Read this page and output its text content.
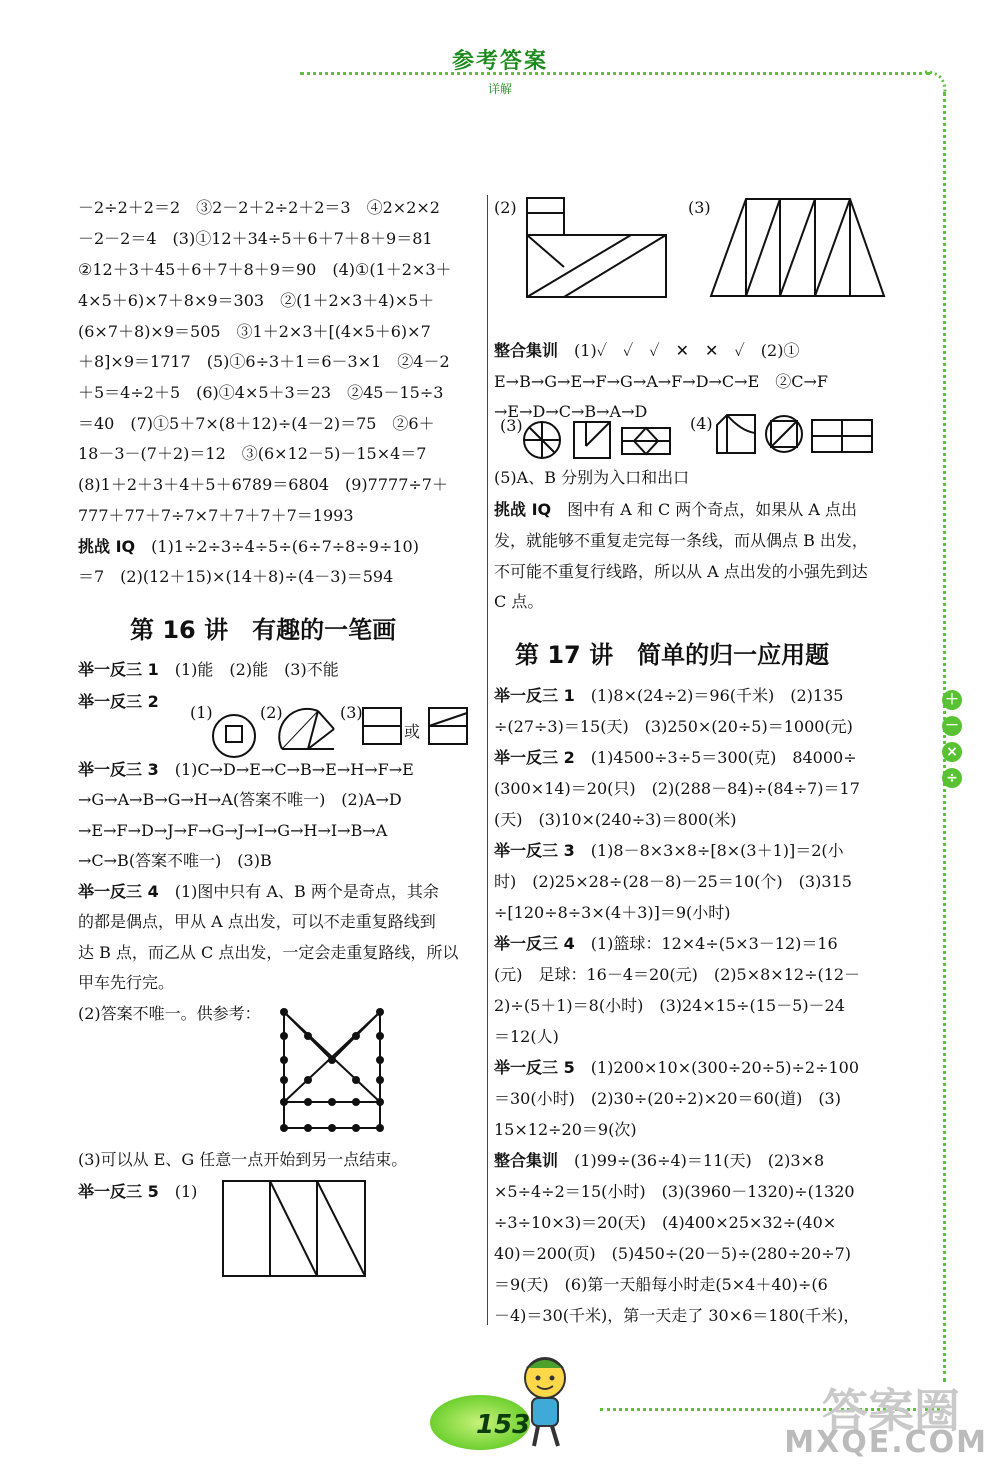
参考答案
详解
－2÷2＋2＝2　③2－2＋2÷2＋2＝3　④2×2×2
－2－2＝4　(3)①12＋34÷5＋6＋7＋8＋9＝81
②12＋3＋45＋6＋7＋8＋9＝90　(4)①(1＋2×3＋
4×5＋6)×7＋8×9＝303　②(1＋2×3＋4)×5＋
(6×7＋8)×9＝505　③1＋2×3＋[(4×5＋6)×7
＋8]×9＝1717　(5)①6÷3＋1＝6－3×1　②4－2
＋5＝4÷2＋5　(6)①4×5＋3＝23　②45－15÷3
＝40　(7)①5＋7×(8＋12)÷(4－2)＝75　②6＋
18－3－(7＋2)＝12　③(6×12－5)－15×4＝7
(8)1＋2＋3＋4＋5＋6789＝6804　(9)7777÷7＋
777＋77＋7÷7×7＋7＋7＋7＝1993
挑战 IQ　 (1)1÷2÷3÷4÷5÷(6÷7÷8÷9÷10)
＝7　(2)(12＋15)×(14＋8)÷(4－3)＝594
第 16 讲　有趣的一笔画
举一反三 1　 (1)能　(2)能　(3)不能
举一反三 2
(1)	(2)	(3)
或
举一反三 3　 (1)C→D→E→C→B→E→H→F→E
→G→A→B→G→H→A(答案不唯一)　(2)A→D
→E→F→D→J→F→G→J→I→G→H→I→B→A
→C→B(答案不唯一)　(3)B
举一反三 4　 (1)图中只有 A、B 两个是奇点，其余
的都是偶点，甲从 A 点出发，可以不走重复路线到
达 B 点，而乙从 C 点出发，一定会走重复路线，所以
甲车先行完。
(2)答案不唯一。供参考：
(3)可以从 E、G 任意一点开始到另一点结束。
举一反三 5　 (1)
(2)	(3)
整合集训　 (1)✓　✓　✓　✕　✕　✓　(2)①
E→B→G→E→F→G→A→F→D→C→E　②C→F
→E→D→C→B→A→D
(3)	(4)
(5)A、B 分别为入口和出口
挑战 IQ　 图中有 A 和 C 两个奇点，如果从 A 点出
发，就能够不重复走完每一条线，而从偶点 B 出发，
不可能不重复行线路，所以从 A 点出发的小强先到达
C 点。
第 17 讲　简单的归一应用题
举一反三 1　 (1)8×(24÷2)＝96(千米)　(2)135
÷(27÷3)＝15(天)　(3)250×(20÷5)＝1000(元)
举一反三 2　 (1)4500÷3÷5＝300(克)　84000÷
(300×14)＝20(只)　(2)(288－84)÷(84÷7)＝17
(天)　(3)10×(240÷3)＝800(米)
举一反三 3　 (1)8－8×3×8÷[8×(3＋1)]＝2(小
时)　(2)25×28÷(28－8)－25＝10(个)　(3)315
÷[120÷8÷3×(4＋3)]＝9(小时)
举一反三 4　 (1)篮球：12×4÷(5×3－12)＝16
(元)　足球：16－4＝20(元)　(2)5×8×12÷(12－
2)÷(5＋1)＝8(小时)　(3)24×15÷(15－5)－24
＝12(人)
举一反三 5　 (1)200×10×(300÷20÷5)÷2÷100
＝30(小时)　(2)30÷(20÷2)×20＝60(道)　(3)
15×12÷20＝9(次)
整合集训　 (1)99÷(36÷4)＝11(天)　(2)3×8
×5÷4÷2＝15(小时)　(3)(3960－1320)÷(1320
÷3÷10×3)＝20(天)　(4)400×25×32÷(40×
40)＝200(页)　(5)450÷(20－5)÷(280÷20÷7)
＝9(天)　(6)第一天船每小时走(5×4＋40)÷(6
－4)＝30(千米)，第一天走了 30×6＝180(千米)，
＋
－
×
÷
153	答案圈
MXQE.COM
